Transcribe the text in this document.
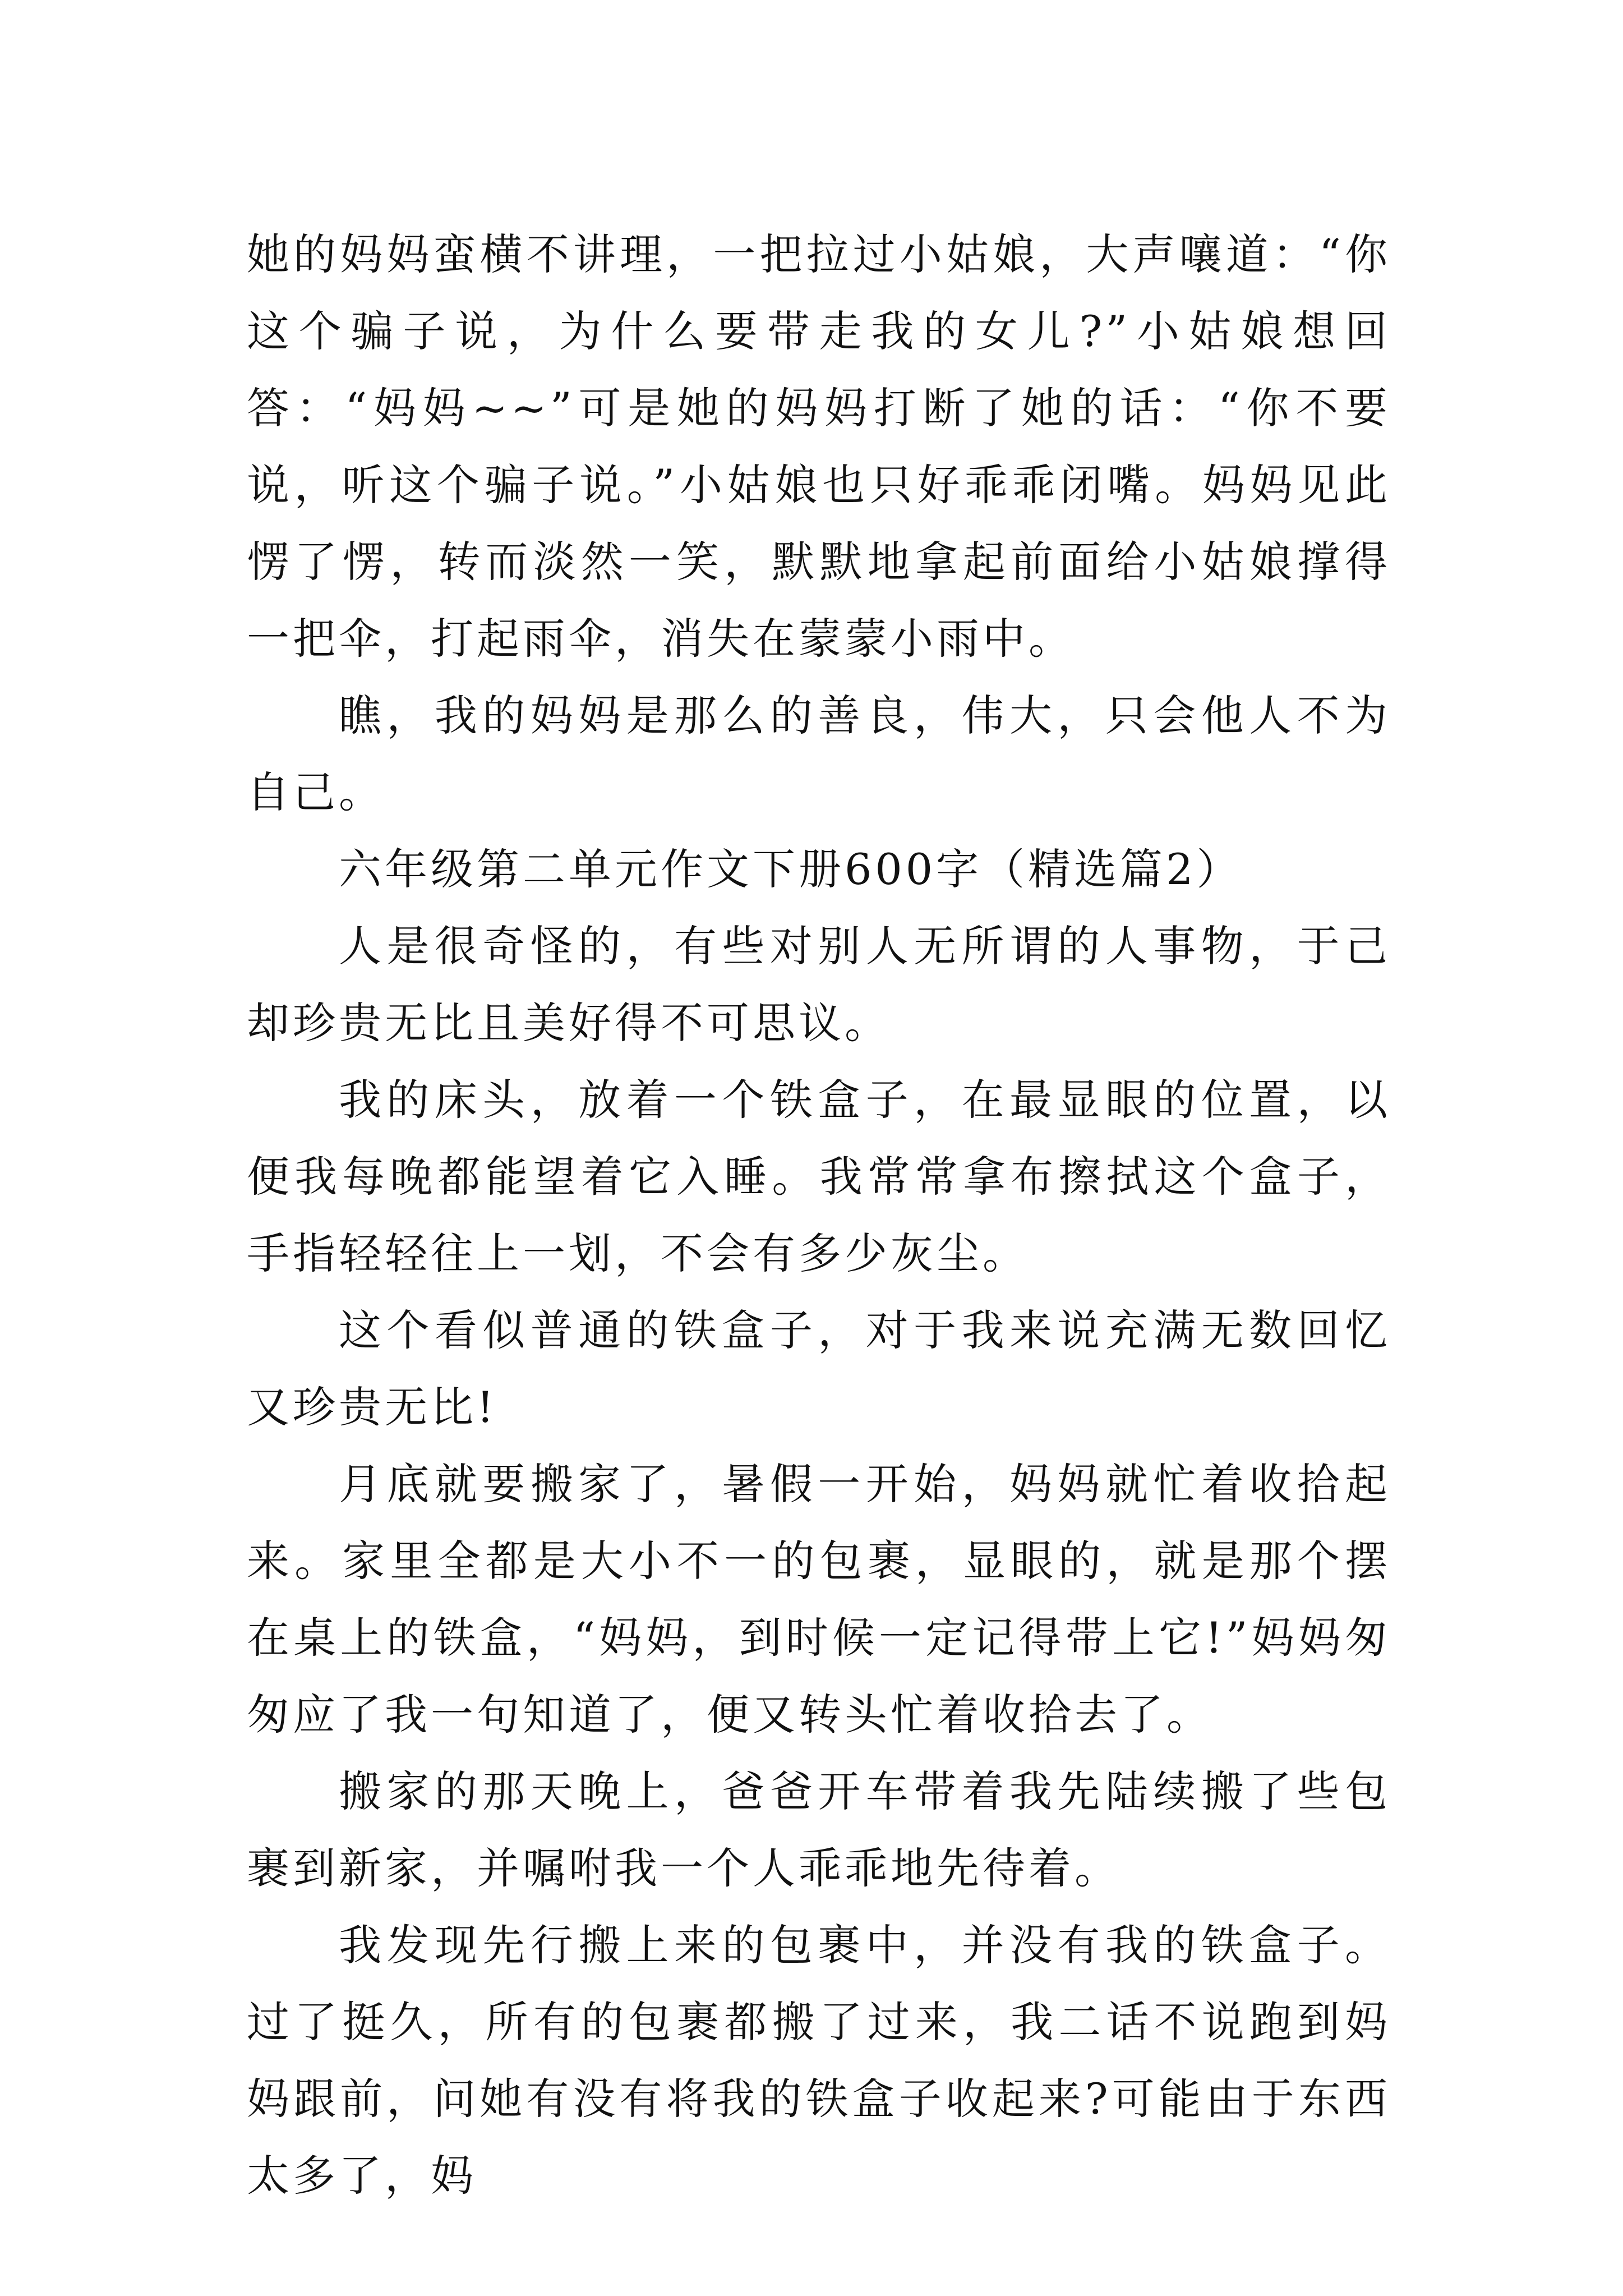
她的妈妈蛮横不讲理，一把拉过小姑娘，大声嚷道：“你这个骗子说，为什么要带走我的女儿?”小姑娘想回答：“妈妈~~”可是她的妈妈打断了她的话：“你不要说，听这个骗子说。”小姑娘也只好乖乖闭嘴。妈妈见此愣了愣，转而淡然一笑，默默地拿起前面给小姑娘撑得一把伞，打起雨伞，消失在蒙蒙小雨中。

瞧，我的妈妈是那么的善良，伟大，只会他人不为自己。

六年级第二单元作文下册600字（精选篇2）

人是很奇怪的，有些对别人无所谓的人事物，于己却珍贵无比且美好得不可思议。

我的床头，放着一个铁盒子，在最显眼的位置，以便我每晚都能望着它入睡。我常常拿布擦拭这个盒子，手指轻轻往上一划，不会有多少灰尘。

这个看似普通的铁盒子，对于我来说充满无数回忆又珍贵无比!

月底就要搬家了，暑假一开始，妈妈就忙着收拾起来。家里全都是大小不一的包裹，显眼的，就是那个摆在桌上的铁盒，“妈妈，到时候一定记得带上它!”妈妈匆匆应了我一句知道了，便又转头忙着收拾去了。

搬家的那天晚上，爸爸开车带着我先陆续搬了些包裹到新家，并嘱咐我一个人乖乖地先待着。

我发现先行搬上来的包裹中，并没有我的铁盒子。过了挺久，所有的包裹都搬了过来，我二话不说跑到妈妈跟前，问她有没有将我的铁盒子收起来?可能由于东西太多了，妈
